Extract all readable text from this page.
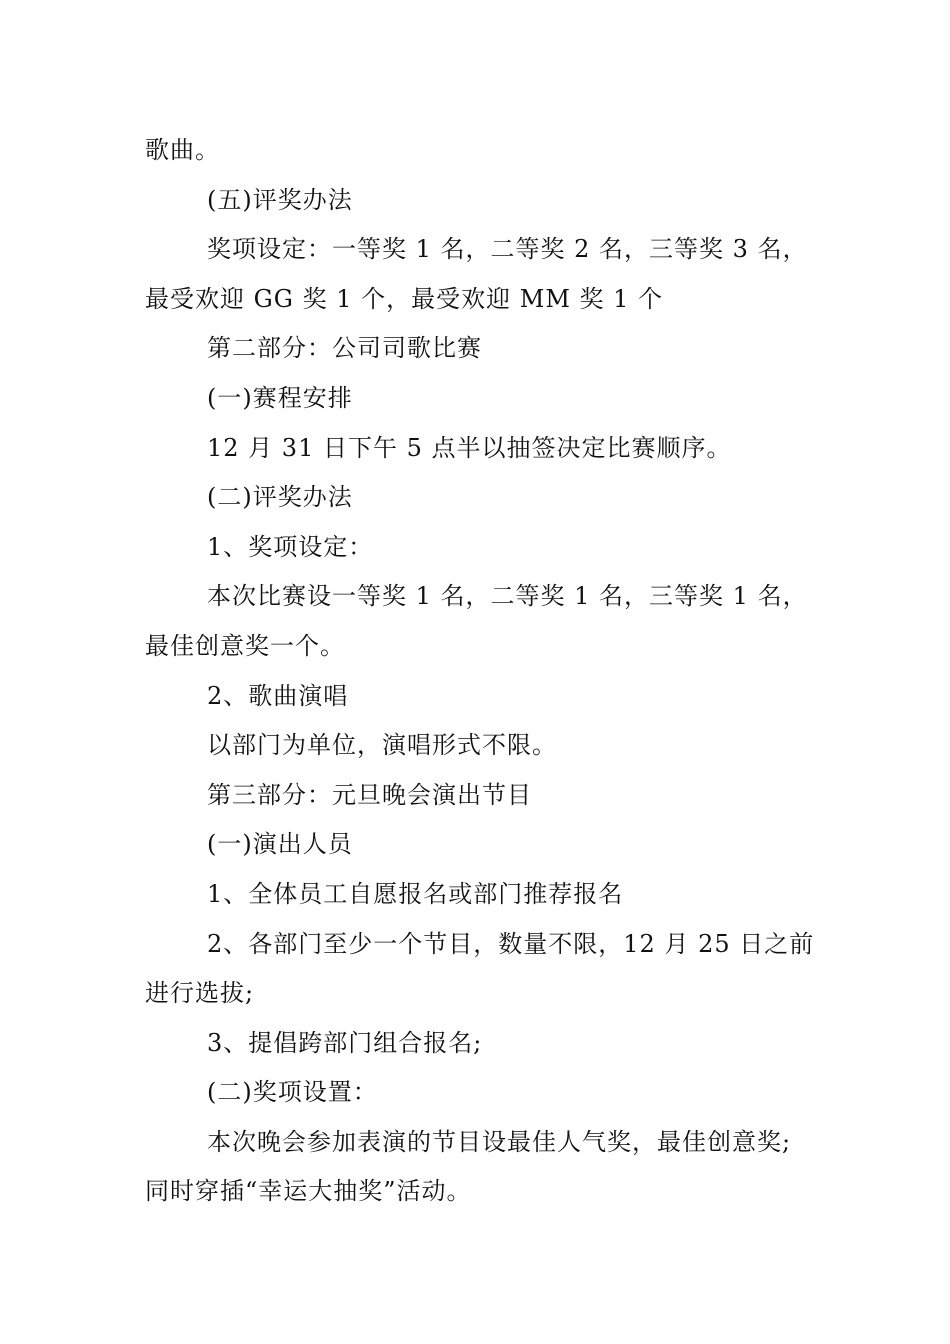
歌曲。

(五)评奖办法

奖项设定：一等奖 1 名，二等奖 2 名，三等奖 3 名，

最受欢迎 GG 奖 1 个，最受欢迎 MM 奖 1 个

第二部分：公司司歌比赛

(一)赛程安排

12 月 31 日下午 5 点半以抽签决定比赛顺序。

(二)评奖办法

1、奖项设定：

本次比赛设一等奖 1 名，二等奖 1 名，三等奖 1 名，

最佳创意奖一个。

2、歌曲演唱

以部门为单位，演唱形式不限。

第三部分：元旦晚会演出节目

(一)演出人员

1、全体员工自愿报名或部门推荐报名

2、各部门至少一个节目，数量不限，12 月 25 日之前

进行选拔;

3、提倡跨部门组合报名;

(二)奖项设置：

本次晚会参加表演的节目设最佳人气奖，最佳创意奖;

同时穿插“幸运大抽奖”活动。
